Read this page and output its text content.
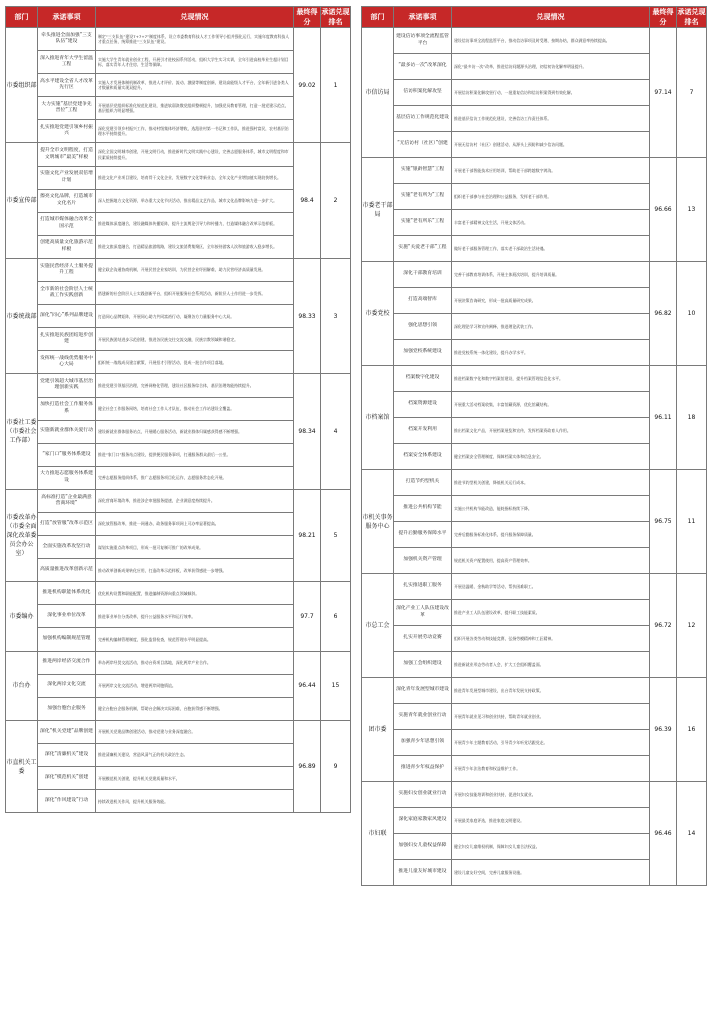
部门	承诺事项	兑现情况	最终得分	承诺兑现排名
市委组织部	牵头推进全面加强“三支队伍”建设	制定“三支队伍”建设7+7+7”制度体系，设立市委教育科技人才工作领导小组并强化运行，实施年度教育科技人才重点任务，统筹推进“三支队伍”建设。	99.02	1
	深入推进青年大学生留温工程	实施大学生青年就业创业工程，开展引才进校园系列活动，组织大学生实习实训，全年引进高校毕业生超计划目标，落实青年人才住房、生活等保障。		
	高水平建设全省人才改革先行区	实施人才发展体制机制改革，推进人才评价、流动、激励等制度创新，建设高能级人才平台，全年新引进各类人才数量和质量实现双提升。		
	大力实施“基层党建争先晋位”工程	开展基层党组织标准化规范化建设，推进软弱涣散党组织整顿提升，加强党员教育管理，打造一批党建示范点，基层组织力明显增强。		
	扎实推进党建引领乡村振兴	深化党建引领乡村振兴工作，推动村级集体经济增收，选派驻村第一书记和工作队，推进强村富民，农村基层治理水平持续提升。		
市委宣传部	提升全市文明程度，打造文明城市“最美”样板	深化全国文明城市创建，开展文明行动，推进新时代文明实践中心建设，完善志愿服务体系，城市文明程度和市民素质持续提升。	98.4	2
	实施文化产业发展双倍增计划	推进文化产业项目建设，培育骨干文化企业，发展数字文化等新业态，全年文化产业增加值实现较快增长。		
	擦亮文化品牌，打造城市文化名片	深入挖掘地方文化资源，举办重大文化节庆活动，推出精品文艺作品，城市文化品牌影响力进一步扩大。		
	打造城市媒体融合改革全国示范	推进媒体深度融合，建设融媒体传播矩阵，提升主流舆论引导力和传播力，打造媒体融合改革示范样板。		
	创建高质量文化旅游示范样板	推进文旅深度融合，打造精品旅游线路，建设文旅消费集聚区，全年接待游客人次和旅游收入稳步增长。		
市委统战部	实施民营经济人士服务提升工程	健全政企沟通协商机制，开展民营企业家培训，为民营企业纾困解难，助力民营经济高质量发展。	98.33	3
	全市新的社会阶层人士统战工作实践创新	搭建新的社会阶层人士实践创新平台，组织开展服务社会系列活动，新阶层人士作用进一步发挥。		
	深化“同心”系列品牌建设	打造同心品牌矩阵，开展同心助力共同富裕行动，凝聚各方力量服务中心大局。		
	扎实推进民族团结进步创建	开展民族团结进步示范创建，推进各民族交往交流交融，民族宗教领域和谐稳定。		
	发挥统一战线优势服务中心大局	组织统一战线成员建言献策，开展招才引智活动，促成一批合作项目落地。		
市委社工委（市委社会工作部）	党建引领超大城市基层治理创新实践	推进党建引领基层治理，完善网格化管理，建设社区服务综合体，基层治理效能持续提升。	98.34	4
	加快打造社会工作服务体系	健全社会工作服务网络，培育社会工作人才队伍，推动社会工作站建设全覆盖。		
	实施新就业群体关爱行动	建设新就业群体服务站点，开展暖心服务活动，新就业群体归属感获得感不断增强。		
	“家门口”服务体系建设	推进“家门口”服务站点建设，提供便民服务事项，打通服务群众最后一公里。		
	大力推进志愿服务体系建设	完善志愿服务组织体系，推广志愿服务项目化运作，志愿服务常态化开展。		
市委改革办（市委全面深化改革委员会办公室）	高标准打造“企业最满意营商环境”	深化营商环境改革，推进涉企审批服务提速，企业满意度持续提升。	98.21	5
	打造“放管服”改革示范区	深化放管服改革，推进一网通办，政务服务事项网上可办率显著提高。		
	全面实施改革攻坚行动	谋划实施重点改革项目，形成一批可复制可推广的改革成果。		
	高质量推进改革创新示范	推动改革创新成果转化应用，打造改革示范样板，改革获得感进一步增强。		
市委编办	推进机构职能体系优化	优化机构设置和职能配置，推进编制资源向重点领域倾斜。	97.7	6
	深化事业单位改革	推进事业单位分类改革，提升公益服务水平和运行效率。		
	加强机构编制规范管理	完善机构编制管理制度，强化监督检查，规范管理水平明显提高。		
市台办	推进两岸经济交流合作	举办两岸经贸交流活动，推动台资项目落地，深化两岸产业合作。	96.44	15
	深化两岸文化交流	开展两岸文化交流活动，增进两岸同胞情谊。		
	加强台胞台企服务	健全台胞台企服务机制，帮助台企解决实际困难，台胞获得感不断增强。		
市直机关工委	深化“机关党建”品牌创建	开展机关党建品牌创建活动，推动党建与业务深度融合。	96.89	9
	深化“清廉机关”建设	推进清廉机关建设，营造风清气正的机关政治生态。		
	深化“模范机关”创建	开展模范机关创建，提升机关党建质量和水平。		
	深化“作风建设”行动	持续改进机关作风，提升机关服务效能。		
部门	承诺事项	兑现情况	最终得分	承诺兑现排名
市信访局	建设信访事项全流程监管平台	建设信访事项全流程监管平台，推动信访事项及时受理、按期办结，群众满意率持续提高。	97.14	7
	“最多访一次”改革深化	深化“最多访一次”改革，推进信访问题源头治理，初信初访化解率明显提升。		
	信访积案化解攻坚	开展信访积案化解攻坚行动，一批重复信访和信访积案得到有效化解。		
	基层信访工作规范化建设	推进基层信访工作规范化建设，完善信访工作责任体系。		
	“无信访村（社区）”创建	开展无信访村（社区）创建活动，从源头上预防和减少信访问题。		
市委老干部局	实施“银龄智慧”工程	开展老干部智能技术应用培训，帮助老干部跨越数字鸿沟。	96.66	13
	实施“老有所为”工程	组织老干部参与社会治理和公益服务，发挥老干部作用。		
	实施“老有所乐”工程	丰富老干部精神文化生活，开展文体活动。		
	实施“关爱老干部”工程	做好老干部服务管理工作，落实老干部政治生活待遇。		
市委党校	深化干部教育培训	完善干部教育培训体系，开展主体班次培训，提升培训质量。	96.82	10
	打造高端智库	开展决策咨询研究，形成一批高质量研究成果。		
	强化思想引领	深化理论学习和宣传阐释，推进理论武装工作。		
	加强党校系统建设	推进党校系统一体化建设，提升办学水平。		
市档案馆	档案数字化建设	推进档案数字化和数字档案馆建设，提升档案管理信息化水平。	96.11	18
	档案资源建设	开展重大活动档案收集，丰富馆藏资源，优化馆藏结构。		
	档案开发利用	推出档案文化产品，开展档案展览和宣传，发挥档案资政育人作用。		
	档案安全体系建设	健全档案安全管理制度，保障档案实体和信息安全。		
市机关事务服务中心	打造节约型机关	推进节约型机关创建，降低机关运行成本。	96.75	11
	推进公共机构节能	实施公共机构节能改造，能耗指标持续下降。		
	提升后勤服务保障水平	完善后勤服务标准化体系，提升服务保障质量。		
	加强机关资产管理	规范机关资产配置使用，提高资产管理效率。		
市总工会	扎实推进职工服务	开展送温暖、金秋助学等活动，帮扶困难职工。	96.72	12
	深化产业工人队伍建设改革	推进产业工人队伍建设改革，提升职工技能素质。		
	扎实开展劳动竞赛	组织开展各类劳动和技能竞赛，弘扬劳模精神和工匠精神。		
	加强工会组织建设	推进新就业形态劳动者入会，扩大工会组织覆盖面。		
团市委	深化青年发展型城市建设	推进青年发展型城市建设，出台青年发展支持政策。	96.39	16
	实施青年就业创业行动	开展青年就业见习和创业扶持，帮助青年就业创业。		
	加强青少年思想引领	开展青少年主题教育活动，引导青少年听党话跟党走。		
	推进青少年权益保护	开展青少年法治教育和权益维护工作。		
市妇联	实施妇女创业就业行动	开展妇女技能培训和创业扶持，促进妇女就业。	96.46	14
	深化家庭家教家风建设	开展最美家庭评选，推进家庭文明建设。		
	加强妇女儿童权益保障	健全妇女儿童维权机制，保障妇女儿童合法权益。		
	推进儿童友好城市建设	建设儿童友好空间，完善儿童服务设施。		
